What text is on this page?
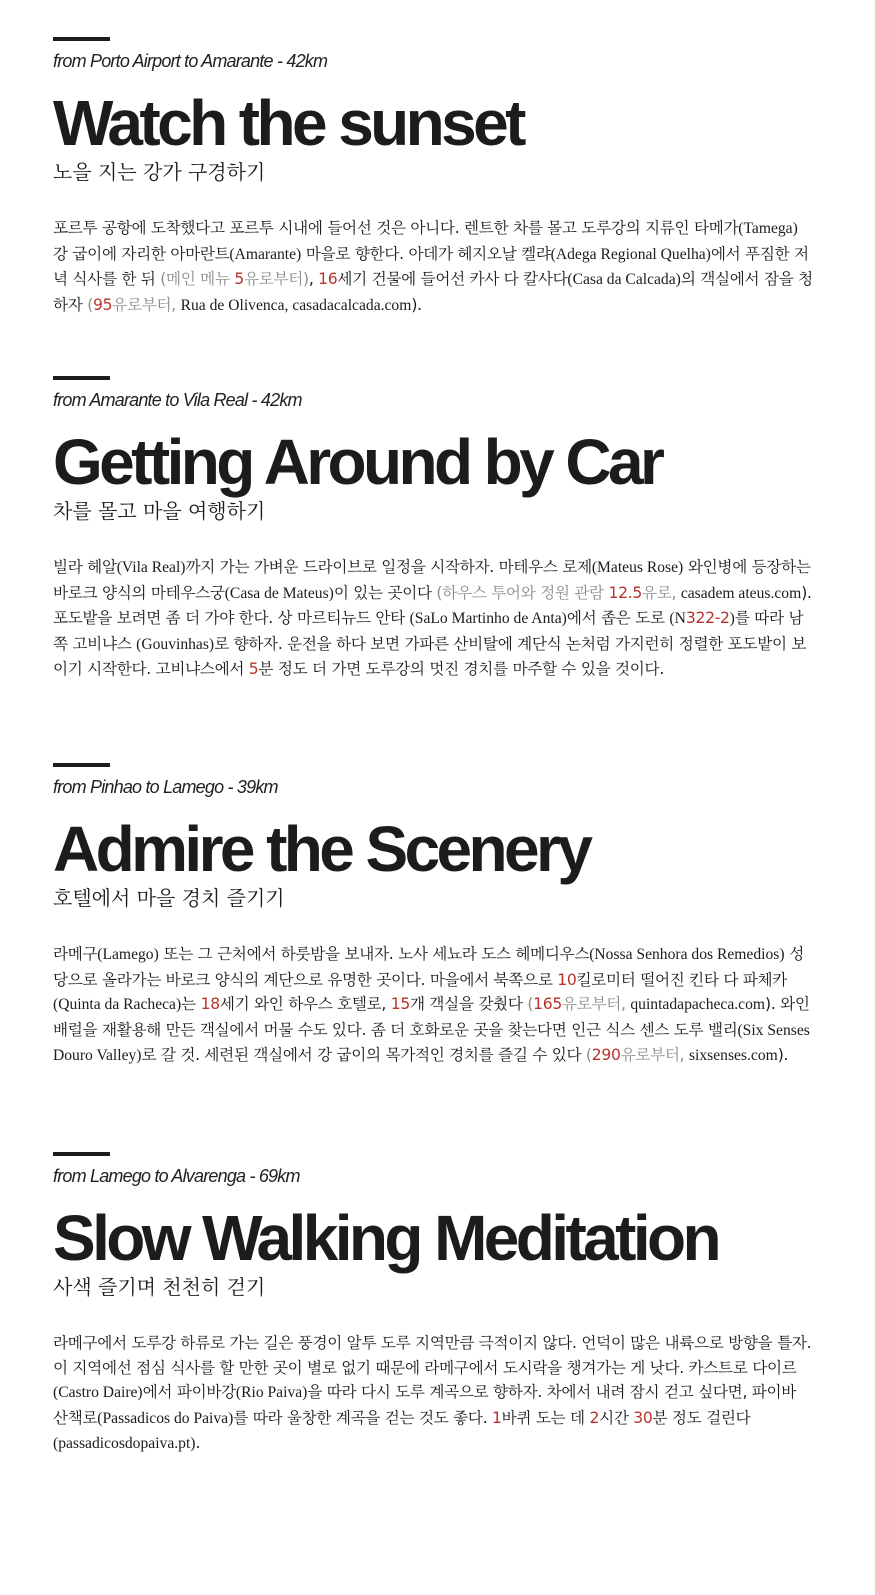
from Porto Airport to Amarante - 42km
Watch the sunset
노을 지는 강가 구경하기
포르투 공항에 도착했다고 포르투 시내에 들어선 것은 아니다. 렌트한 차를 몰고 도루강의 지류인 타메가(Tamega) 강 굽이에 자리한 아마란트(Amarante) 마을로 향한다. 아데가 헤지오날 켈랴(Adega Regional Quelha)에서 푸짐한 저녁 식사를 한 뒤 (메인 메뉴 5유로부터), 16세기 건물에 들어선 카사 다 칼사다(Casa da Calcada)의 객실에서 잠을 청하자 (95유로부터, Rua de Olivenca, casadacalcada.com).
from Amarante to Vila Real - 42km
Getting Around by Car
차를 몰고 마을 여행하기
빌라 헤알(Vila Real)까지 가는 가벼운 드라이브로 일정을 시작하자. 마테우스 로제(Mateus Rose) 와인병에 등장하는 바로크 양식의 마테우스궁(Casa de Mateus)이 있는 곳이다 (하우스 투어와 정원 관람 12.5유로, casadem ateus.com). 포도밭을 보려면 좀 더 가야 한다. 상 마르티뉴드 안타 (SaLo Martinho de Anta)에서 좁은 도로 (N322-2)를 따라 남쪽 고비냐스 (Gouvinhas)로 향하자. 운전을 하다 보면 가파른 산비탈에 계단식 논처럼 가지런히 정렬한 포도밭이 보이기 시작한다. 고비냐스에서 5분 정도 더 가면 도루강의 멋진 경치를 마주할 수 있을 것이다.
from Pinhao to Lamego - 39km
Admire the Scenery
호텔에서 마을 경치 즐기기
라메구(Lamego) 또는 그 근처에서 하룻밤을 보내자. 노사 세뇨라 도스 헤메디우스(Nossa Senhora dos Remedios) 성당으로 올라가는 바로크 양식의 계단으로 유명한 곳이다. 마을에서 북쪽으로 10킬로미터 떨어진 킨타 다 파체카(Quinta da Racheca)는 18세기 와인 하우스 호텔로, 15개 객실을 갖췄다 (165유로부터, quintadapacheca.com). 와인 배럴을 재활용해 만든 객실에서 머물 수도 있다. 좀 더 호화로운 곳을 찾는다면 인근 식스 센스 도루 밸리(Six Senses Douro Valley)로 갈 것. 세련된 객실에서 강 굽이의 목가적인 경치를 즐길 수 있다 (290유로부터, sixsenses.com).
from Lamego to Alvarenga - 69km
Slow Walking Meditation
사색 즐기며 천천히 걷기
라메구에서 도루강 하류로 가는 길은 풍경이 알투 도루 지역만큼 극적이지 않다. 언덕이 많은 내륙으로 방향을 틀자. 이 지역에선 점심 식사를 할 만한 곳이 별로 없기 때문에 라메구에서 도시락을 챙겨가는 게 낫다. 카스트로 다이르(Castro Daire)에서 파이바강(Rio Paiva)을 따라 다시 도루 계곡으로 향하자. 차에서 내려 잠시 걷고 싶다면, 파이바 산책로(Passadicos do Paiva)를 따라 울창한 계곡을 걷는 것도 좋다. 1바퀴 도는 데 2시간 30분 정도 걸린다(passadicosdopaiva.pt).
